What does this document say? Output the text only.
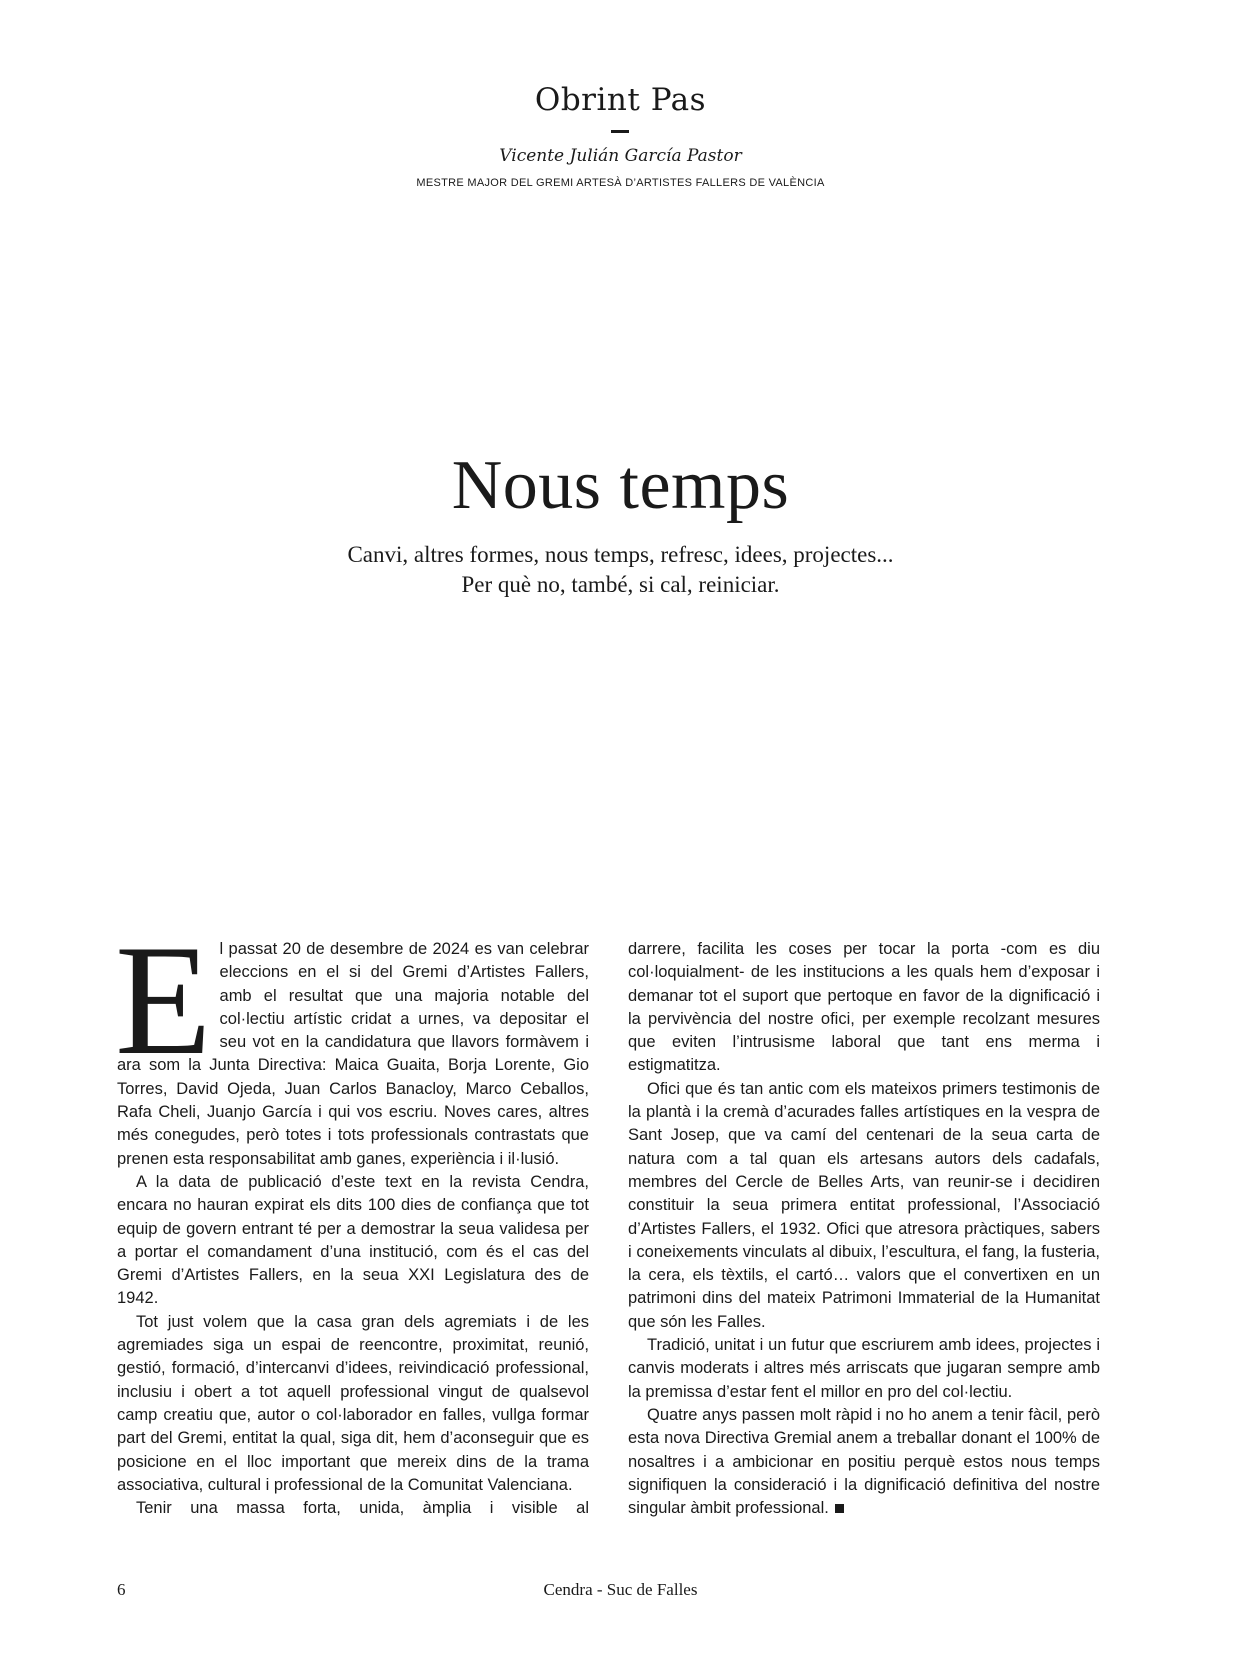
Obrint Pas
Vicente Julián García Pastor
MESTRE MAJOR DEL GREMI ARTESÀ D’ARTISTES FALLERS DE VALÈNCIA
Nous temps
Canvi, altres formes, nous temps, refresc, idees, projectes...
Per què no, també, si cal, reiniciar.

El passat 20 de desembre de 2024 es van celebrar eleccions en el si del Gremi d’Artistes Fallers, amb el resultat que una majoria notable del col·lectiu artístic cridat a urnes, va depositar el seu vot en la candidatura que llavors formàvem i ara som la Junta Directiva: Maica Guaita, Borja Lorente, Gio Torres, David Ojeda, Juan Carlos Banacloy, Marco Ceballos, Rafa Cheli, Juanjo García i qui vos escriu. Noves cares, altres més conegudes, però totes i tots professionals contrastats que prenen esta responsabilitat amb ganes, experiència i il·lusió.

A la data de publicació d’este text en la revista Cendra, encara no hauran expirat els dits 100 dies de confiança que tot equip de govern entrant té per a demostrar la seua validesa per a portar el comandament d’una institució, com és el cas del Gremi d’Artistes Fallers, en la seua XXI Legislatura des de 1942.

Tot just volem que la casa gran dels agremiats i de les agremiades siga un espai de reencontre, proximitat, reunió, gestió, formació, d’intercanvi d’idees, reivindicació professional, inclusiu i obert a tot aquell professional vingut de qualsevol camp creatiu que, autor o col·laborador en falles, vullga formar part del Gremi, entitat la qual, siga dit, hem d’aconseguir que es posicione en el lloc important que mereix dins de la trama associativa, cultural i professional de la Comunitat Valenciana.

Tenir una massa forta, unida, àmplia i visible al

darrere, facilita les coses per tocar la porta -com es diu col·loquialment- de les institucions a les quals hem d’exposar i demanar tot el suport que pertoque en favor de la dignificació i la pervivència del nostre ofici, per exemple recolzant mesures que eviten l’intrusisme laboral que tant ens merma i estigmatitza.

Ofici que és tan antic com els mateixos primers testimonis de la plantà i la cremà d’acurades falles artístiques en la vespra de Sant Josep, que va camí del centenari de la seua carta de natura com a tal quan els artesans autors dels cadafals, membres del Cercle de Belles Arts, van reunir-se i decidiren constituir la seua primera entitat professional, l’Associació d’Artistes Fallers, el 1932. Ofici que atresora pràctiques, sabers i coneixements vinculats al dibuix, l’escultura, el fang, la fusteria, la cera, els tèxtils, el cartó… valors que el convertixen en un patrimoni dins del mateix Patrimoni Immaterial de la Humanitat que són les Falles.

Tradició, unitat i un futur que escriurem amb idees, projectes i canvis moderats i altres més arriscats que jugaran sempre amb la premissa d’estar fent el millor en pro del col·lectiu.

Quatre anys passen molt ràpid i no ho anem a tenir fàcil, però esta nova Directiva Gremial anem a treballar donant el 100% de nosaltres i a ambicionar en positiu perquè estos nous temps signifiquen la consideració i la dignificació definitiva del nostre singular àmbit professional.

6	Cendra - Suc de Falles
